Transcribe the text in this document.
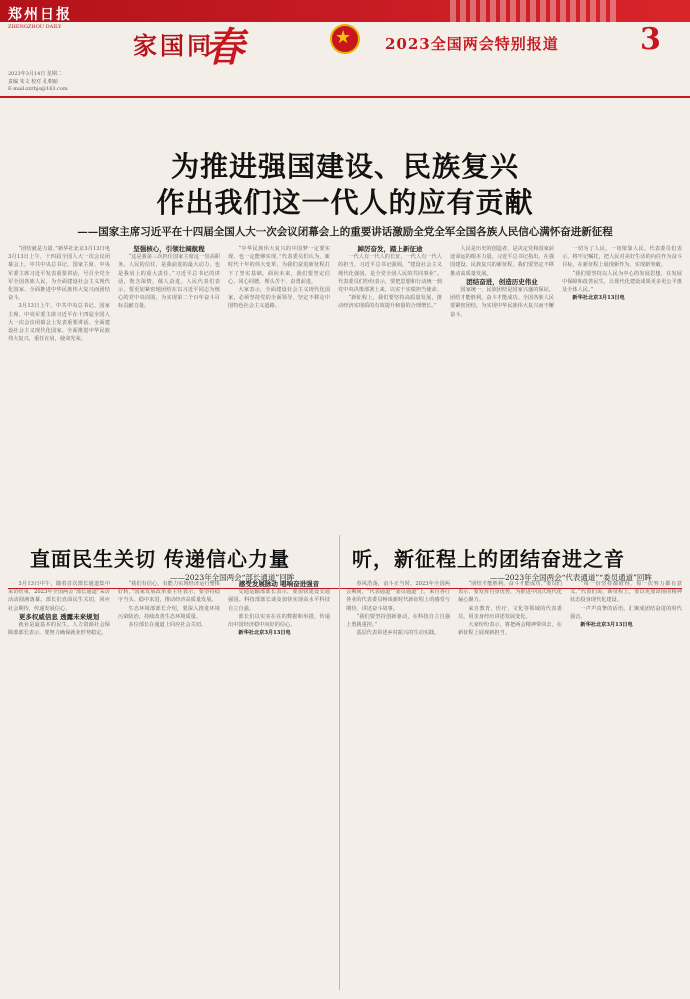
郑州日报
ZHENGZHOU DAILY
家国同
春	★ 2023全国两会特别报道	3
2023年3月14日 星期二
责编 朱文 校对 孔朝丽
E-mail:zzrbjs@163.com
为推进强国建设、民族复兴
作出我们这一代人的应有贡献
——国家主席习近平在十四届全国人大一次会议闭幕会上的重要讲话激励全党全军全国各族人民信心满怀奋进新征程

“团结就是力量。”新华社北京3月13日电 3月13日上午，十四届全国人大一次会议闭幕会上，中共中央总书记、国家主席、中央军委主席习近平发表重要讲话，号召全党全军全国各族人民，为全面建设社会主义现代化国家、全面推进中华民族伟大复兴而团结奋斗。

3月13日上午，中共中央总书记、国家主席、中央军委主席习近平在十四届全国人大一次会议闭幕会上发表重要讲话。全面建设社会主义现代化国家、全面推进中华民族伟大复兴，重任在肩，使命光荣。

坚强核心，引领壮阔航程

“这是我第三次担任国家主席这一崇高职务。人民的信任，是我前进的最大动力，也是我肩上的重大责任。”习近平总书记的讲话，饱含深情，催人奋进。人民代表们表示，要更加紧密地团结在以习近平同志为核心的党中央周围，为实现第二个百年奋斗目标贡献力量。

“中华民族伟大复兴的中国梦一定要实现，也一定能够实现。”代表委员们认为，新时代十年的伟大变革，为我们奋进新征程打下了坚实基础。面向未来，我们要坚定信心、同心同德，埋头苦干、奋勇前进。

大家表示，全面建设社会主义现代化国家，必须坚持党的全面领导，坚定不移走中国特色社会主义道路。

踔厉奋发，踏上新征途

一代人有一代人的长征，一代人有一代人的担当。习近平总书记强调，“建设社会主义现代化强国，是全党全国人民的共同事业”。代表委员们纷纷表示，要把思想和行动统一到党中央决策部署上来，以实干实绩担当使命。

“新征程上，我们要坚持高质量发展，推动经济实现质的有效提升和量的合理增长。”

人民是历史的创造者，是决定党和国家前途命运的根本力量。习近平总书记指出，在强国建设、民族复兴的新征程，我们要坚定不移推动高质量发展。

团结奋进，创造历史伟业

国家统一、民族团结是国家兴盛的保证。团结才能胜利，奋斗才能成功。全国各族人民要紧密团结，为实现中华民族伟大复兴而不懈奋斗。

一切为了人民，一切依靠人民。代表委员们表示，将牢记嘱托，把人民对美好生活的向往作为奋斗目标，在新征程上展现新作为、实现新突破。

“我们要坚持以人民为中心的发展思想，在发展中保障和改善民生，让现代化建设成果更多更公平惠及全体人民。”

新华社北京3月13日电

直面民生关切 传递信心力量
——2023年全国两会“部长通道”回眸

3月13日中午，随着首次部长通道集中采访结束，2023年全国两会“部长通道”采访活动圆满落幕。部长们直面民生关切，回应社会期待，传递发展信心。

更多权威信息 透露未来规划

就业是最基本的民生。人力资源社会保障部部长表示，要努力确保就业形势稳定。

“我们有信心，有能力实现经济运行整体好转。”国家发展改革委主任表示，要坚持稳字当头、稳中求进，推动经济高质量发展。

生态环境部部长介绍，要深入推进环境污染防治，持续改善生态环境质量。

多位部长在通道上回应社会关切。

感受发展脉动 唱响奋进强音

交通运输部部长表示，要加快建设交通强国。科技部部长谈及加快实现高水平科技自立自强。

部长们以实实在在的数据和举措，传递出中国经济稳中向好的信心。

新华社北京3月13日电

听，新征程上的团结奋进之音
——2023年全国两会“代表通道”“委员通道”回眸

春风浩荡，奋斗正当时。2023年全国两会期间，“代表通道”“委员通道”上，来自各行各业的代表委员畅谈新时代新征程上的感受与期待，讲述奋斗故事。

“我们要坚持创新驱动，在科技自立自强上勇挑重担。”

基层代表讲述乡村振兴的生动实践。

“团结才能胜利，奋斗才能成功。”委员们表示，要发挥自身优势，为推进中国式现代化凝心聚力。

来自教育、医疗、文化等领域的代表委员，用亲身经历讲述发展变化。

大家纷纷表示，将把两会精神带回去，在新征程上展现新担当。

“每一份坚持都值得，每一次努力都有意义。”代表们说，新征程上，要以更加昂扬的精神状态投身现代化建设。

一声声真挚的话语，汇聚成团结奋进的时代强音。

新华社北京3月13日电
